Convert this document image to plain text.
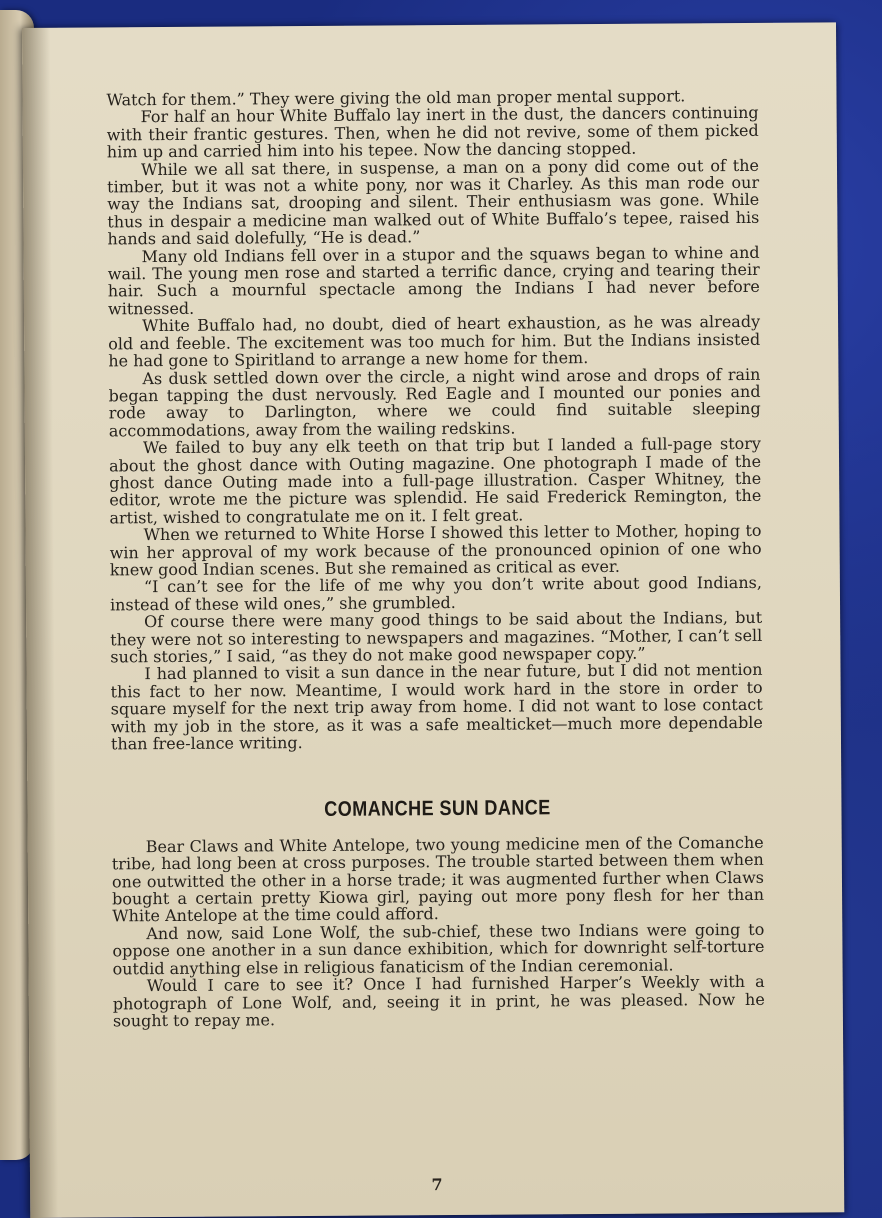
Watch for them.” They were giving the old man proper mental support.

For half an hour White Buffalo lay inert in the dust, the dancers continuing with their frantic gestures. Then, when he did not revive, some of them picked him up and carried him into his tepee. Now the dancing stopped.

While we all sat there, in suspense, a man on a pony did come out of the timber, but it was not a white pony, nor was it Charley. As this man rode our way the Indians sat, drooping and silent. Their enthusiasm was gone. While thus in despair a medicine man walked out of White Buffalo’s tepee, raised his hands and said dolefully, “He is dead.”

Many old Indians fell over in a stupor and the squaws began to whine and wail. The young men rose and started a terrific dance, crying and tearing their hair. Such a mournful spectacle among the Indians I had never before witnessed.

White Buffalo had, no doubt, died of heart exhaustion, as he was already old and feeble. The excitement was too much for him. But the Indians insisted he had gone to Spiritland to arrange a new home for them.

As dusk settled down over the circle, a night wind arose and drops of rain began tapping the dust nervously. Red Eagle and I mounted our ponies and rode away to Darlington, where we could find suitable sleeping accommodations, away from the wailing redskins.

We failed to buy any elk teeth on that trip but I landed a full-page story about the ghost dance with Outing magazine. One photograph I made of the ghost dance Outing made into a full-page illustration. Casper Whitney, the editor, wrote me the picture was splendid. He said Frederick Remington, the artist, wished to congratulate me on it. I felt great.

When we returned to White Horse I showed this letter to Mother, hoping to win her approval of my work because of the pronounced opinion of one who knew good Indian scenes. But she remained as critical as ever.

“I can’t see for the life of me why you don’t write about good Indians, instead of these wild ones,” she grumbled.

Of course there were many good things to be said about the Indians, but they were not so interesting to newspapers and magazines. “Mother, I can’t sell such stories,” I said, “as they do not make good newspaper copy.”

I had planned to visit a sun dance in the near future, but I did not mention this fact to her now. Meantime, I would work hard in the store in order to square myself for the next trip away from home. I did not want to lose contact with my job in the store, as it was a safe mealticket—much more dependable than free-lance writing.

COMANCHE SUN DANCE

Bear Claws and White Antelope, two young medicine men of the Comanche tribe, had long been at cross purposes. The trouble started between them when one outwitted the other in a horse trade; it was augmented further when Claws bought a certain pretty Kiowa girl, paying out more pony flesh for her than White Antelope at the time could afford.

And now, said Lone Wolf, the sub-chief, these two Indians were going to oppose one another in a sun dance exhibition, which for downright self-torture outdid anything else in religious fanaticism of the Indian ceremonial.

Would I care to see it? Once I had furnished Harper’s Weekly with a photograph of Lone Wolf, and, seeing it in print, he was pleased. Now he sought to repay me.

7
